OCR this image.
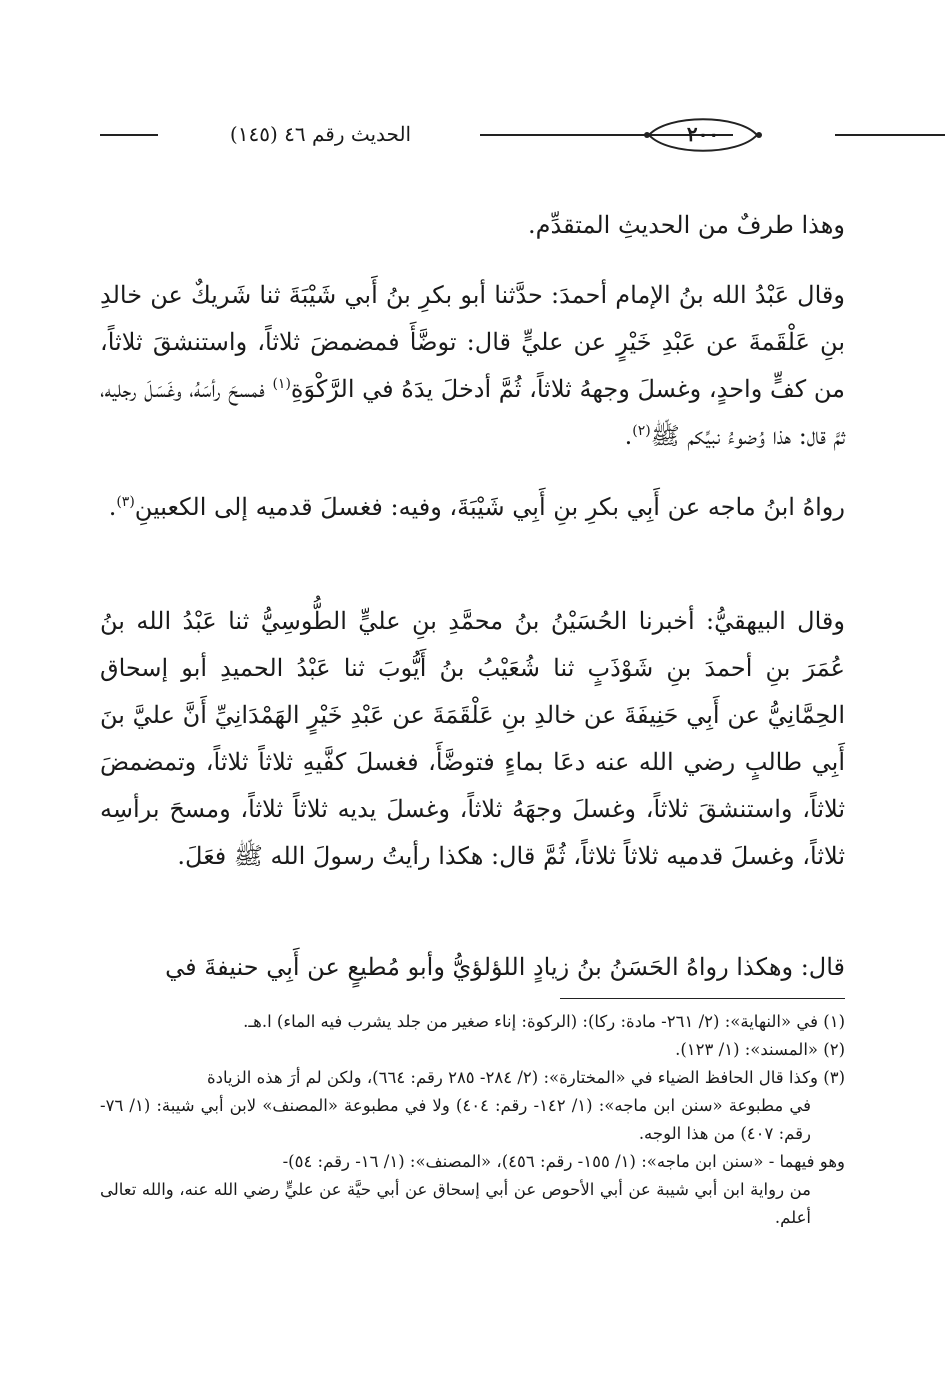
الحديث رقم ٤٦ (١٤٥)	٢٠٠

وهذا طرفٌ من الحديثِ المتقدِّم.

وقال عَبْدُ الله بنُ الإمام أحمدَ: حدَّثنا أبو بكرِ بنُ أَبي شَيْبَةَ ثنا شَريكٌ عن خالدِ بنِ عَلْقَمةَ عن عَبْدِ خَيْرٍ عن عليٍّ قال: توضَّأَ فمضمضَ ثلاثاً، واستنشقَ ثلاثاً، من كفٍّ واحدٍ، وغسلَ وجههُ ثلاثاً، ثُمَّ أدخلَ يدَهُ في الرَّكْوَةِ$^{(١)}$ فمسحَ رأسَهُ، وغَسَلَ رجليه، ثمَّ قال: هذا وُضوءُ نبيِّكم ﷺ$^{(٢)}$.

رواهُ ابنُ ماجه عن أَبِي بكرِ بنِ أَبِي شَيْبَةَ، وفيه: فغسلَ قدميه إلى الكعبينِ$^{(٣)}$.

وقال البيهقيُّ: أخبرنا الحُسَيْنُ بنُ محمَّدِ بنِ عليٍّ الطُّوسِيُّ ثنا عَبْدُ الله بنُ عُمَرَ بنِ أحمدَ بنِ شَوْذَبٍ ثنا شُعَيْبُ بنُ أَيُّوبَ ثنا عَبْدُ الحميدِ أبو إسحاق الحِمَّانِيُّ عن أَبِي حَنِيفَةَ عن خالدِ بنِ عَلْقَمَةَ عن عَبْدِ خَيْرٍ الهَمْدَانِيِّ أَنَّ عليَّ بنَ أَبِي طالبٍ رضي الله عنه دعَا بماءٍ فتوضَّأَ، فغسلَ كفَّيهِ ثلاثاً ثلاثاً، وتمضمضَ ثلاثاً، واستنشقَ ثلاثاً، وغسلَ وجهَهُ ثلاثاً، وغسلَ يديه ثلاثاً ثلاثاً، ومسحَ برأسِه ثلاثاً، وغسلَ قدميه ثلاثاً ثلاثاً، ثُمَّ قال: هكذا رأيتُ رسولَ الله ﷺ فعَلَ.

قال: وهكذا رواهُ الحَسَنُ بنُ زيادٍ اللؤلؤيُّ وأبو مُطيعٍ عن أَبِي حنيفةَ في

(١) في «النهاية»: (٢/ ٢٦١- مادة: ركا): (الركوة: إناء صغير من جلد يشرب فيه الماء) ا.هـ.

(٢) «المسند»: (١/ ١٢٣).

(٣) وكذا قال الحافظ الضياء في «المختارة»: (٢/ ٢٨٤- ٢٨٥ رقم: ٦٦٤)، ولكن لم أرَ هذه الزيادة
في مطبوعة «سنن ابن ماجه»: (١/ ١٤٢- رقم: ٤٠٤) ولا في مطبوعة «المصنف» لابن أبي شيبة: (١/ ٧٦- رقم: ٤٠٧) من هذا الوجه.

وهو فيهما - «سنن ابن ماجه»: (١/ ١٥٥- رقم: ٤٥٦)، «المصنف»: (١/ ١٦- رقم: ٥٤)-
من رواية ابن أبي شيبة عن أبي الأحوص عن أبي إسحاق عن أبي حيَّة عن عليٍّ رضي الله عنه، والله تعالى أعلم.
